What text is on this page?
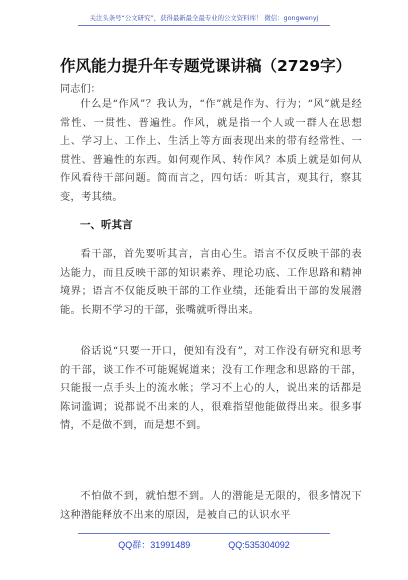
关注头条号“公文研究”，获得最新最全最专业的公文资料库！ 微信：gongwenyj
作风能力提升年专题党课讲稿（2729字）
同志们：

什么是“作风”？我认为，“作”就是作为、行为；“风”就是经常性、一贯性、普遍性。作风，就是指一个人或一群人在思想上、学习上、工作上、生活上等方面表现出来的带有经常性、一贯性、普遍性的东西。如何观作风、转作风？本质上就是如何从作风看待干部问题。简而言之，四句话：听其言，观其行，察其变，考其绩。

一、听其言

看干部，首先要听其言，言由心生。语言不仅反映干部的表达能力，而且反映干部的知识素养、理论功底、工作思路和精神境界；语言不仅能反映干部的工作业绩，还能看出干部的发展潜能。长期不学习的干部，张嘴就听得出来。

俗话说“只要一开口，便知有没有”，对工作没有研究和思考的干部，谈工作不可能娓娓道来；没有工作理念和思路的干部，只能报一点手头上的流水帐；学习不上心的人，说出来的话都是陈词滥调；说都说不出来的人，很难指望他能做得出来。很多事情，不是做不到，而是想不到。

不怕做不到，就怕想不到。人的潜能是无限的，很多情况下这种潜能释放不出来的原因，是被自己的认识水平

QQ群：31991489	QQ:535304092
